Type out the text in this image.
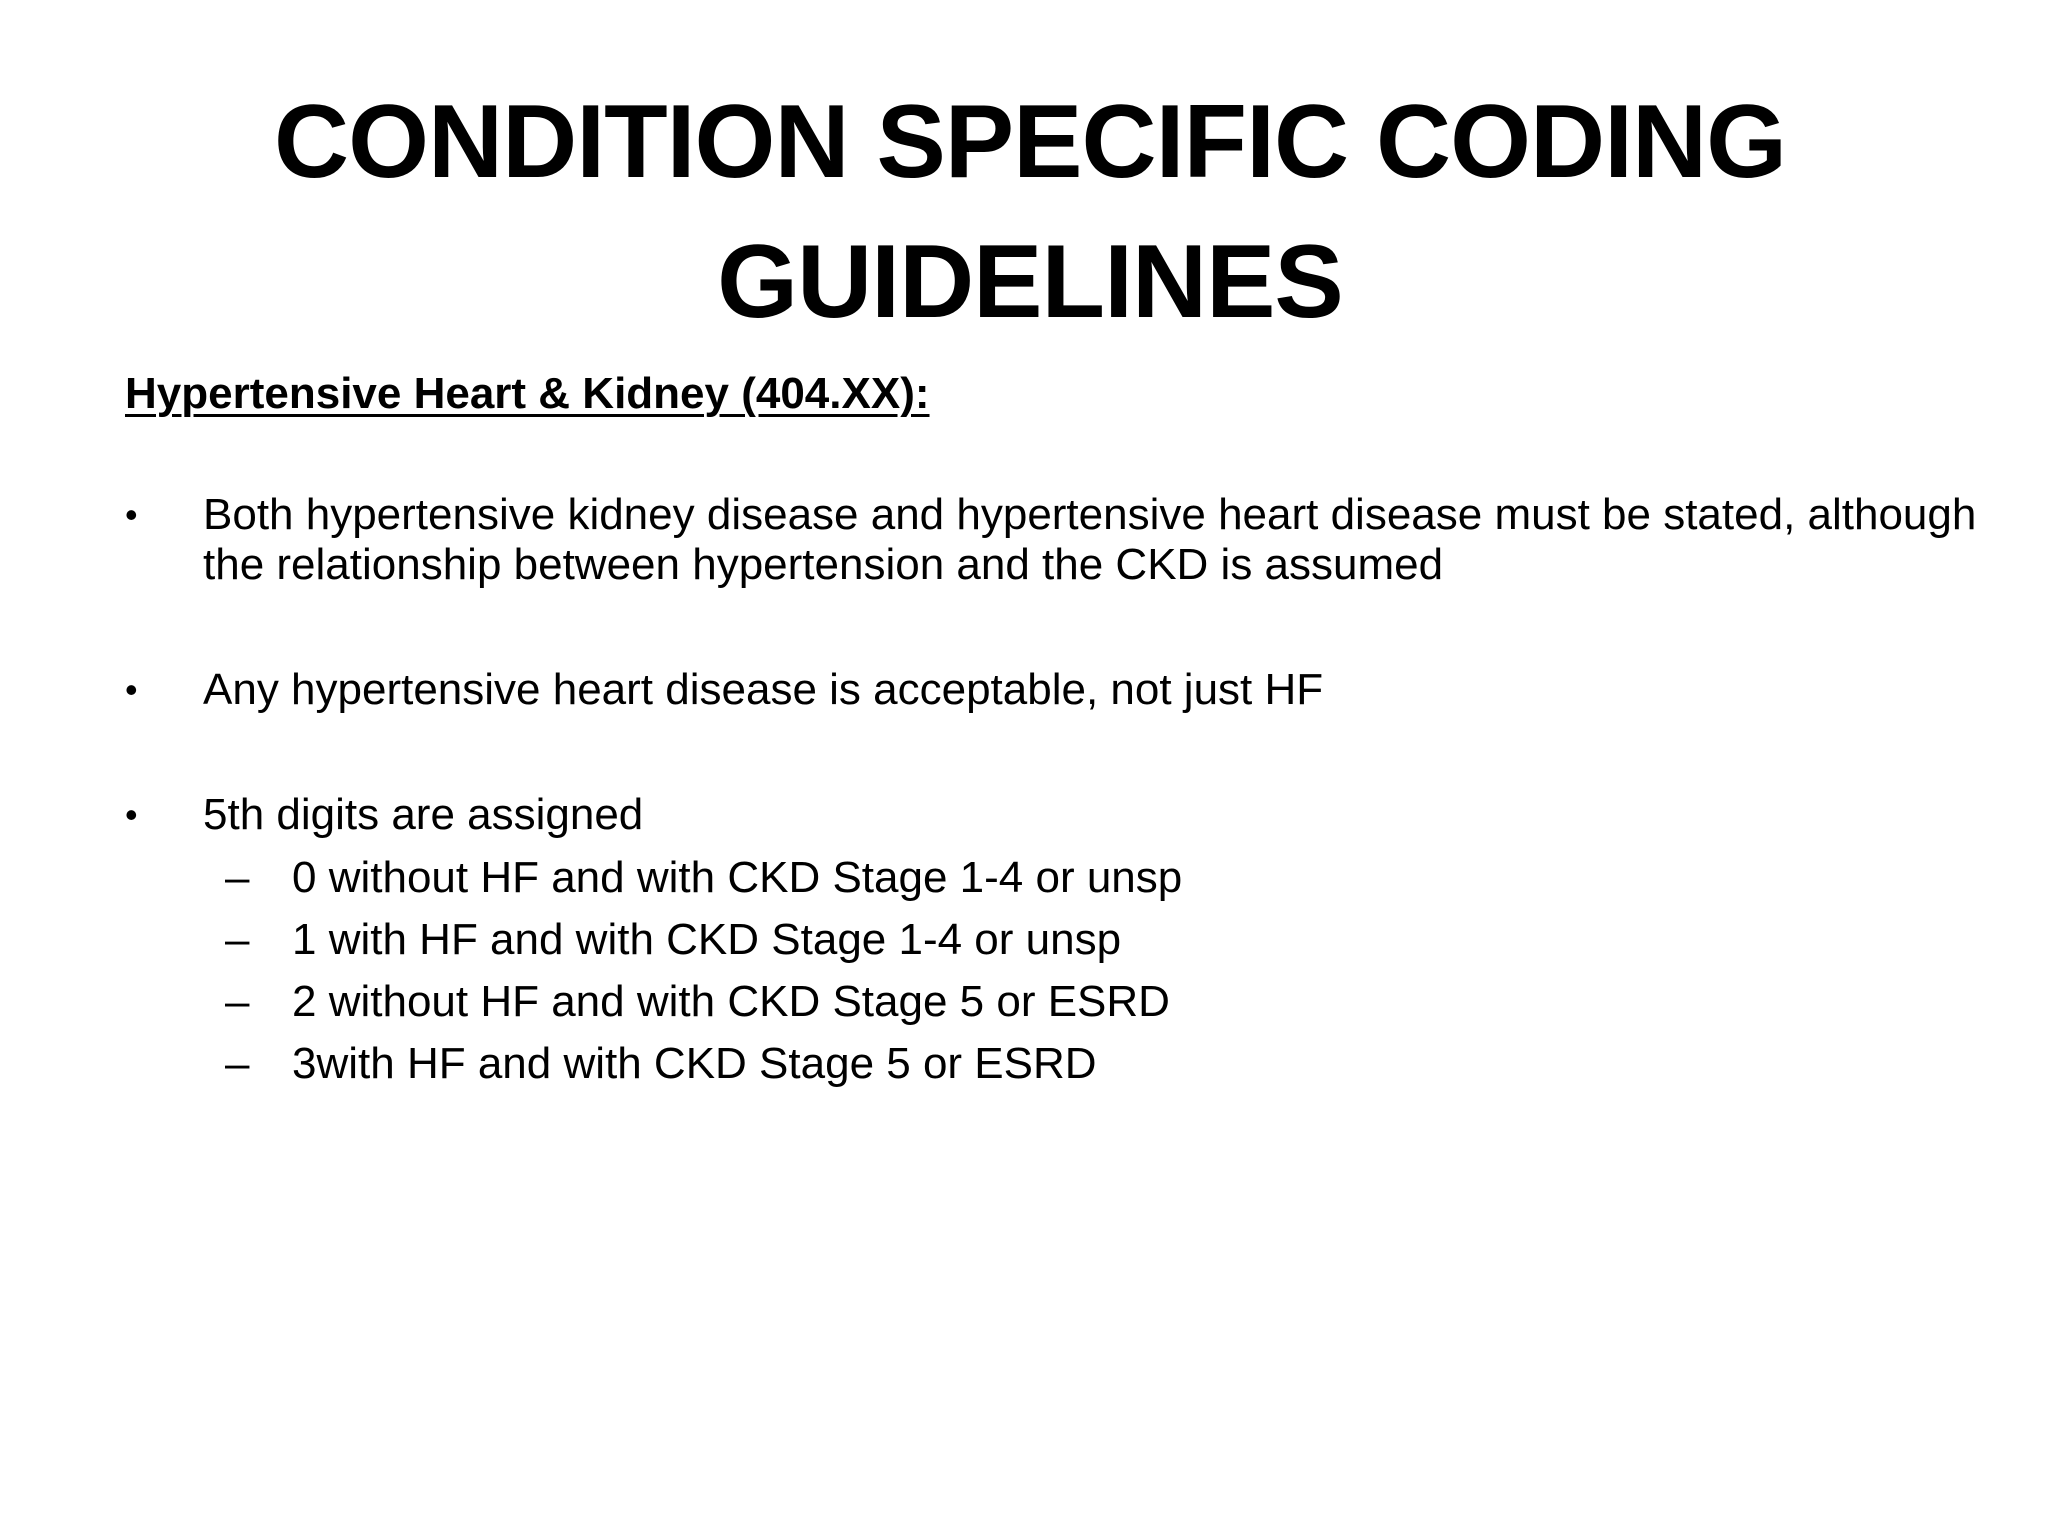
CONDITION SPECIFIC CODING GUIDELINES
Hypertensive Heart & Kidney (404.XX):
• Both hypertensive kidney disease and hypertensive heart disease must be stated, although the relationship between hypertension and the CKD is assumed
• Any hypertensive heart disease is acceptable, not just HF
• 5th digits are assigned
– 0 without HF and with CKD Stage 1-4 or unsp
– 1 with HF and with CKD Stage 1-4 or unsp
– 2 without HF and with CKD Stage 5 or ESRD
– 3with HF and with CKD Stage 5 or ESRD
